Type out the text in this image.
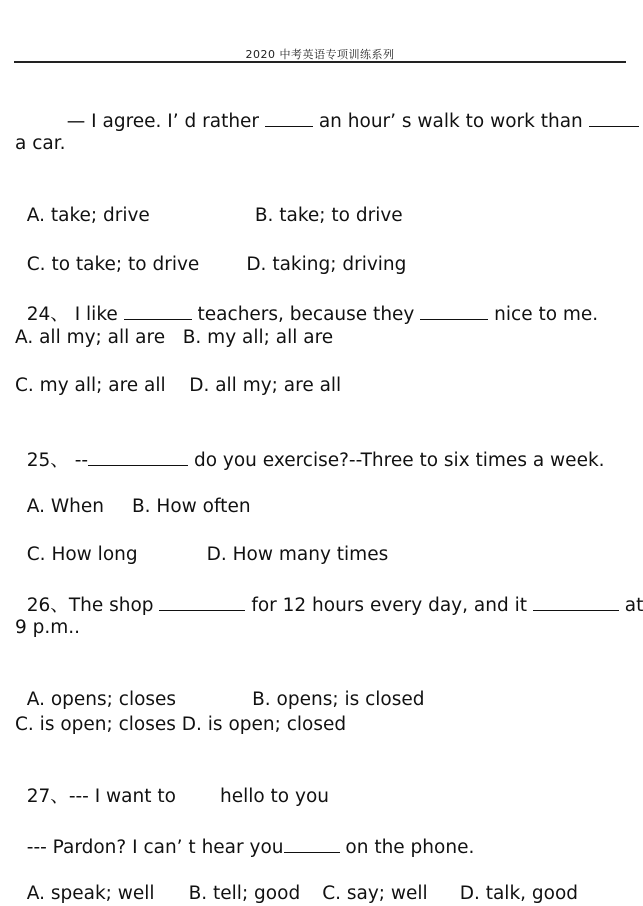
2020 中考英语专项训练系列

— I agree. I’ d rather	an hour’ s walk to work than

a car.

A. take; drive	B. take; to drive

C. to take; to drive	D. taking; driving

24、 I like	teachers, because they	nice to me.

A. all my; all are   B. my all; all are
C. my all; are all    D. all my; are all

25、 --	do you exercise?--Three to six times a week.

A. When B. How often

C. How long	D. How many times

26、The shop	for 12 hours every day, and it	at

9 p.m..

A. opens; closes	B. opens; is closed

C. is open; closes D. is open; closed

27、--- I want to hello to you

--- Pardon? I can’ t hear you	on the phone.

A. speak; well B. tell; good C. say; well D. talk, good
